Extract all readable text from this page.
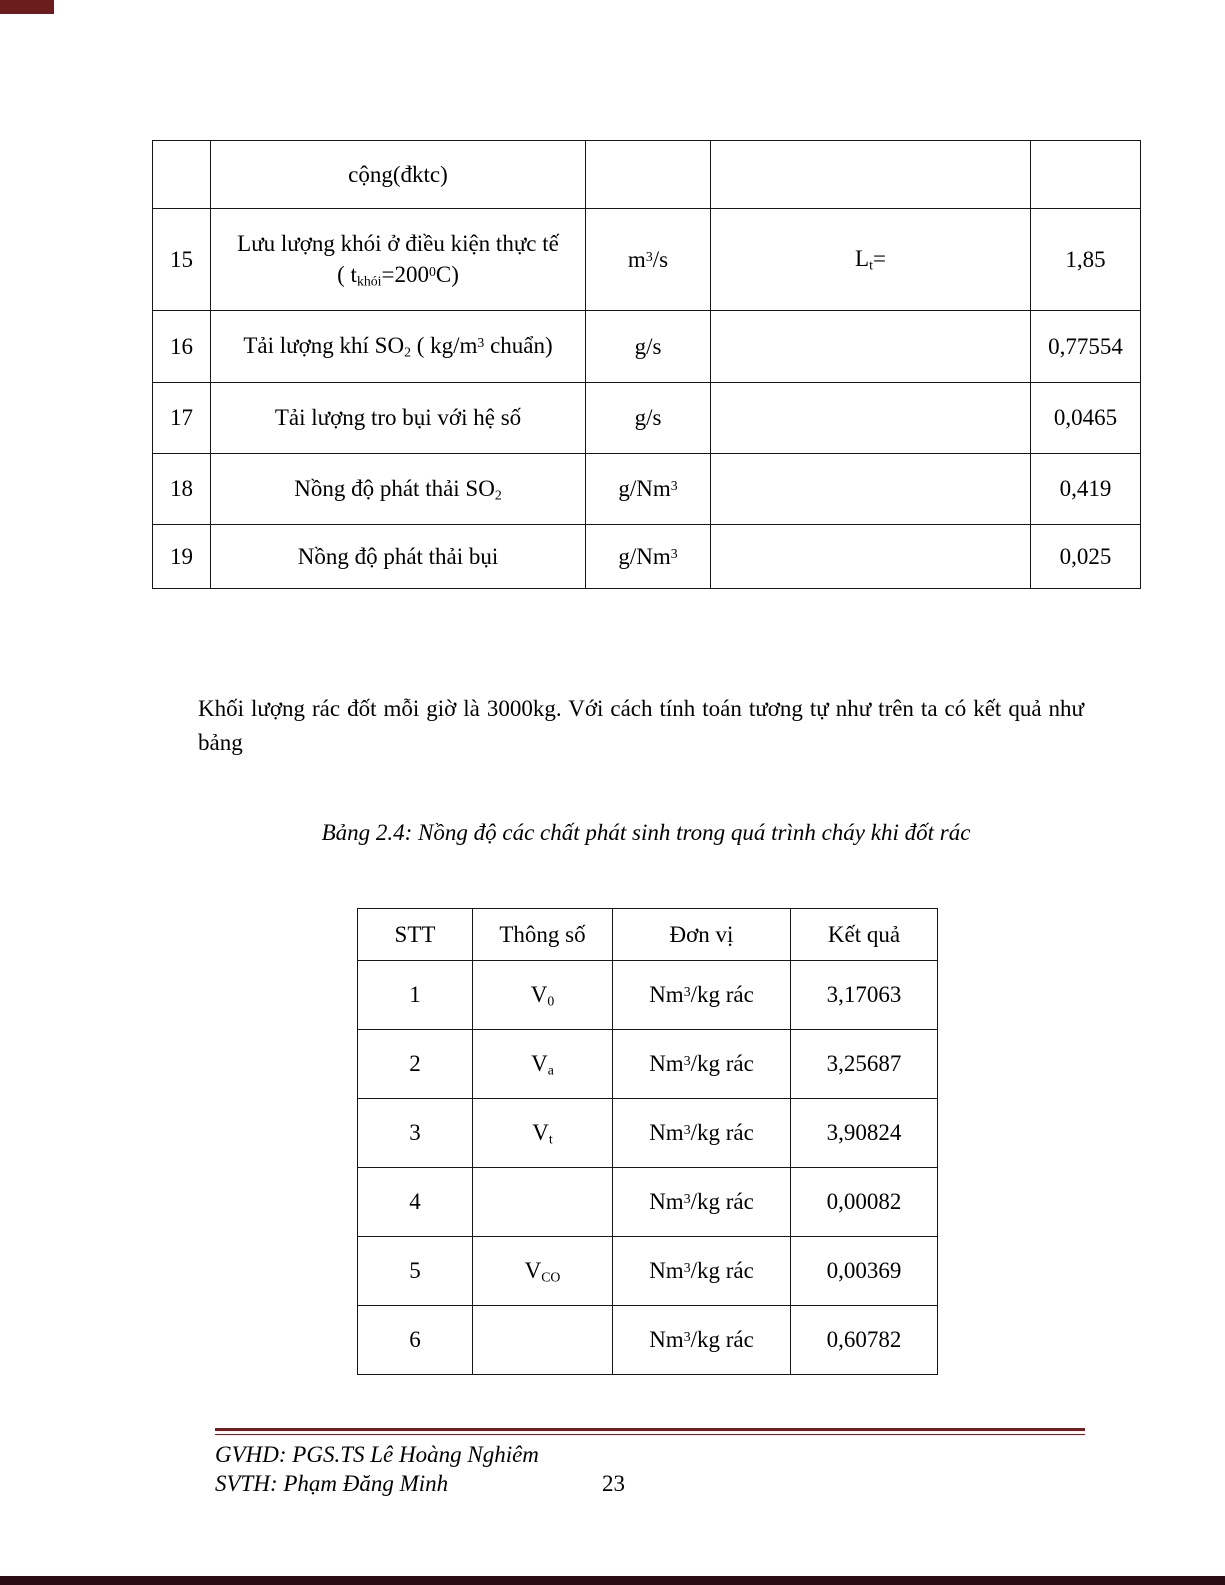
	cộng(đktc)			
15	Lưu lượng khói ở điều kiện thực tế
( $t_{khói}=200^0C$)	$m^3/s$	$L_t=$	1,85
16	Tải lượng khí $SO_2$ ( $kg/m^3$ chuẩn)	g/s		0,77554
17	Tải lượng tro bụi với hệ số	g/s		0,0465
18	Nồng độ phát thải $SO_2$	g/Nm$^3$		0,419
19	Nồng độ phát thải bụi	g/Nm$^3$		0,025
Khối lượng rác đốt mỗi giờ là 3000kg. Với cách tính toán tương tự như trên ta có kết quả như bảng
Bảng 2.4: Nồng độ các chất phát sinh trong quá trình cháy khi đốt rác
STT	Thông số	Đơn vị	Kết quả
1	$V_0$	Nm$^3$/kg rác	3,17063
2	$V_a$	Nm$^3$/kg rác	3,25687
3	$V_t$	Nm$^3$/kg rác	3,90824
4		Nm$^3$/kg rác	0,00082
5	$V_{CO}$	Nm$^3$/kg rác	0,00369
6		Nm$^3$/kg rác	0,60782
GVHD: PGS.TS Lê Hoàng Nghiêm
SVTH: Phạm Đăng Minh	23
